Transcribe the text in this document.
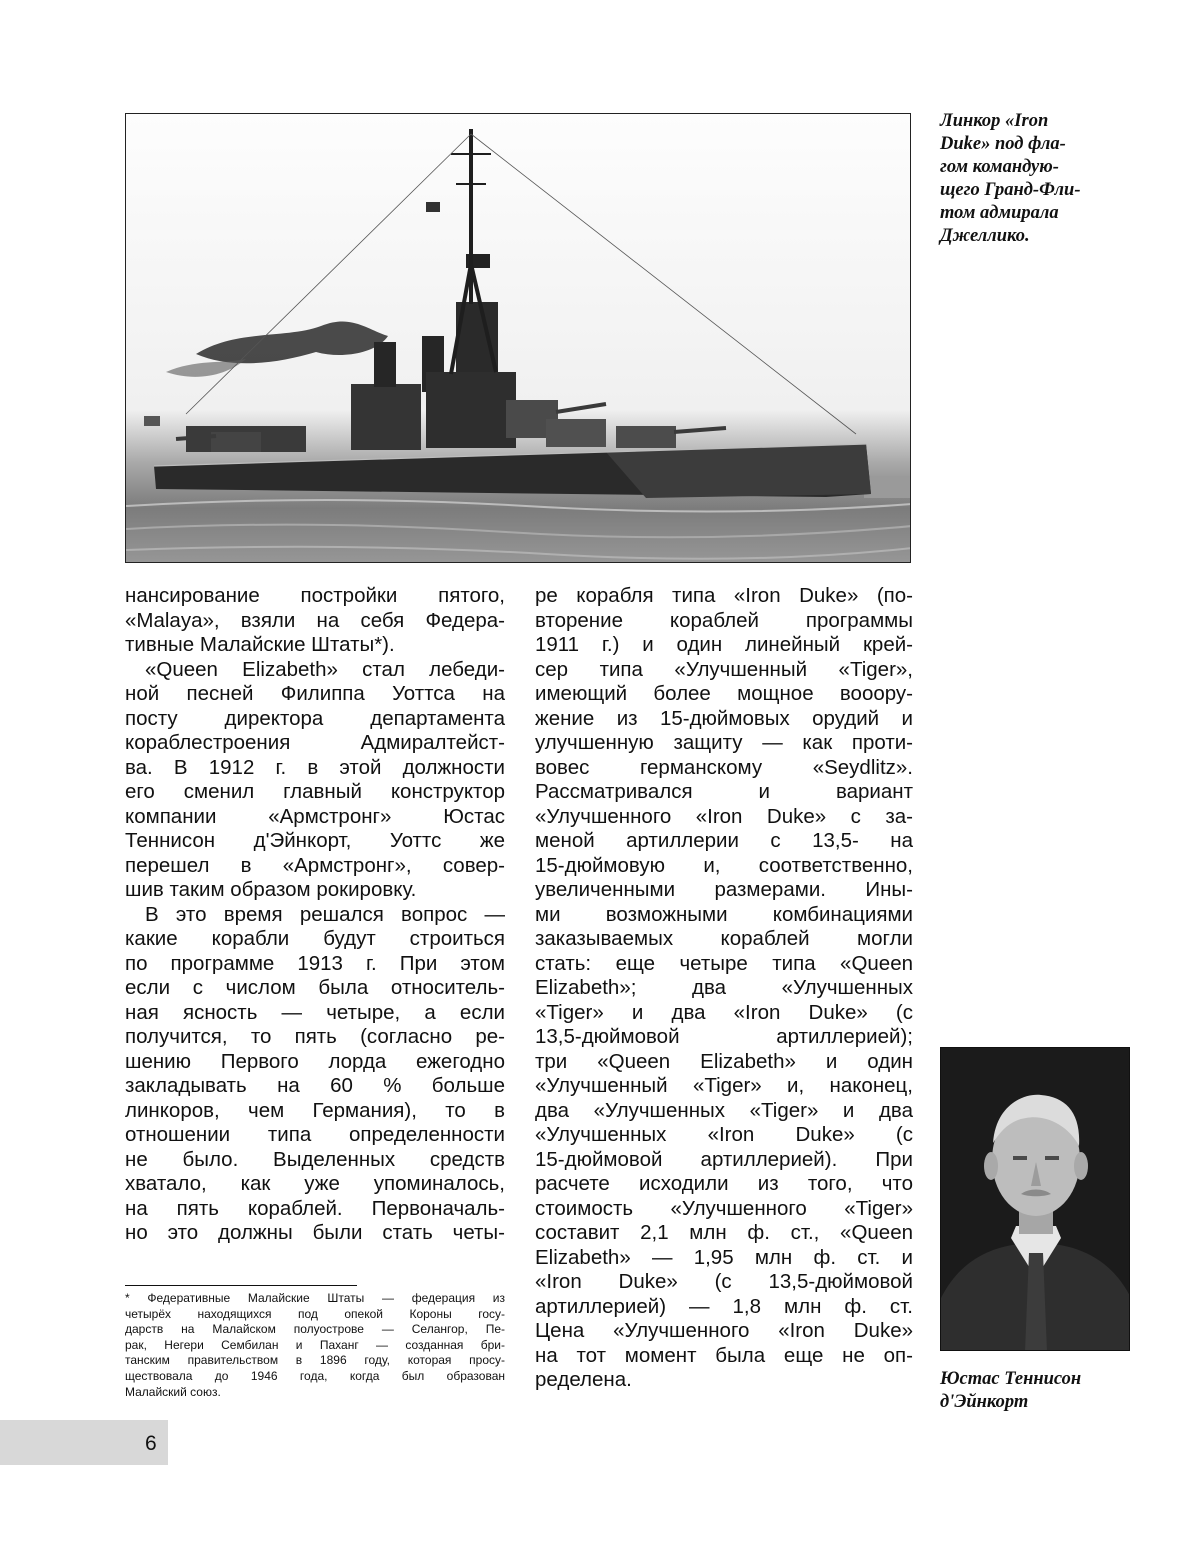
Линкор «Iron
Duke» под фла-
гом командую-
щего Гранд-Фли-
том адмирала
Джеллико.
нансирование постройки пятого,
«Malaya», взяли на себя Федера-
тивные Малайские Штаты*).
«Queen Elizabeth» стал лебеди-
ной песней Филиппа Уоттса на
посту директора департамента
кораблестроения Адмиралтейст-
ва. В 1912 г. в этой должности
его сменил главный конструктор
компании «Армстронг» Юстас
Теннисон д'Эйнкорт, Уоттс же
перешел в «Армстронг», совер-
шив таким образом рокировку.
В это время решался вопрос —
какие корабли будут строиться
по программе 1913 г. При этом
если с числом была относитель-
ная ясность — четыре, а если
получится, то пять (согласно ре-
шению Первого лорда ежегодно
закладывать на 60 % больше
линкоров, чем Германия), то в
отношении типа определенности
не было. Выделенных средств
хватало, как уже упоминалось,
на пять кораблей. Первоначаль-
но это должны были стать четы-
ре корабля типа «Iron Duke» (по-
вторение кораблей программы
1911 г.) и один линейный крей-
сер типа «Улучшенный «Tiger»,
имеющий более мощное вооору-
жение из 15-дюймовых орудий и
улучшенную защиту — как проти-
вовес германскому «Seydlitz».
Рассматривался и вариант
«Улучшенного «Iron Duke» с за-
меной артиллерии с 13,5- на
15-дюймовую и, соответственно,
увеличенными размерами. Ины-
ми возможными комбинациями
заказываемых кораблей могли
стать: еще четыре типа «Queen
Elizabeth»; два «Улучшенных
«Tiger» и два «Iron Duke» (с
13,5-дюймовой артиллерией);
три «Queen Elizabeth» и один
«Улучшенный «Tiger» и, наконец,
два «Улучшенных «Tiger» и два
«Улучшенных «Iron Duke» (с
15-дюймовой артиллерией). При
расчете исходили из того, что
стоимость «Улучшенного «Tiger»
составит 2,1 млн ф. ст., «Queen
Elizabeth» — 1,95 млн ф. ст. и
«Iron Duke» (с 13,5-дюймовой
артиллерией) — 1,8 млн ф. ст.
Цена «Улучшенного «Iron Duke»
на тот момент была еще не оп-
ределена.
* Федеративные Малайские Штаты — федерация из
четырёх находящихся под опекой Короны госу-
дарств на Малайском полуострове — Селангор, Пе-
рак, Негери Сембилан и Паханг — созданная бри-
танским правительством в 1896 году, которая просу-
ществовала до 1946 года, когда был образован
Малайский союз.
Юстас Теннисон
д'Эйнкорт
6
